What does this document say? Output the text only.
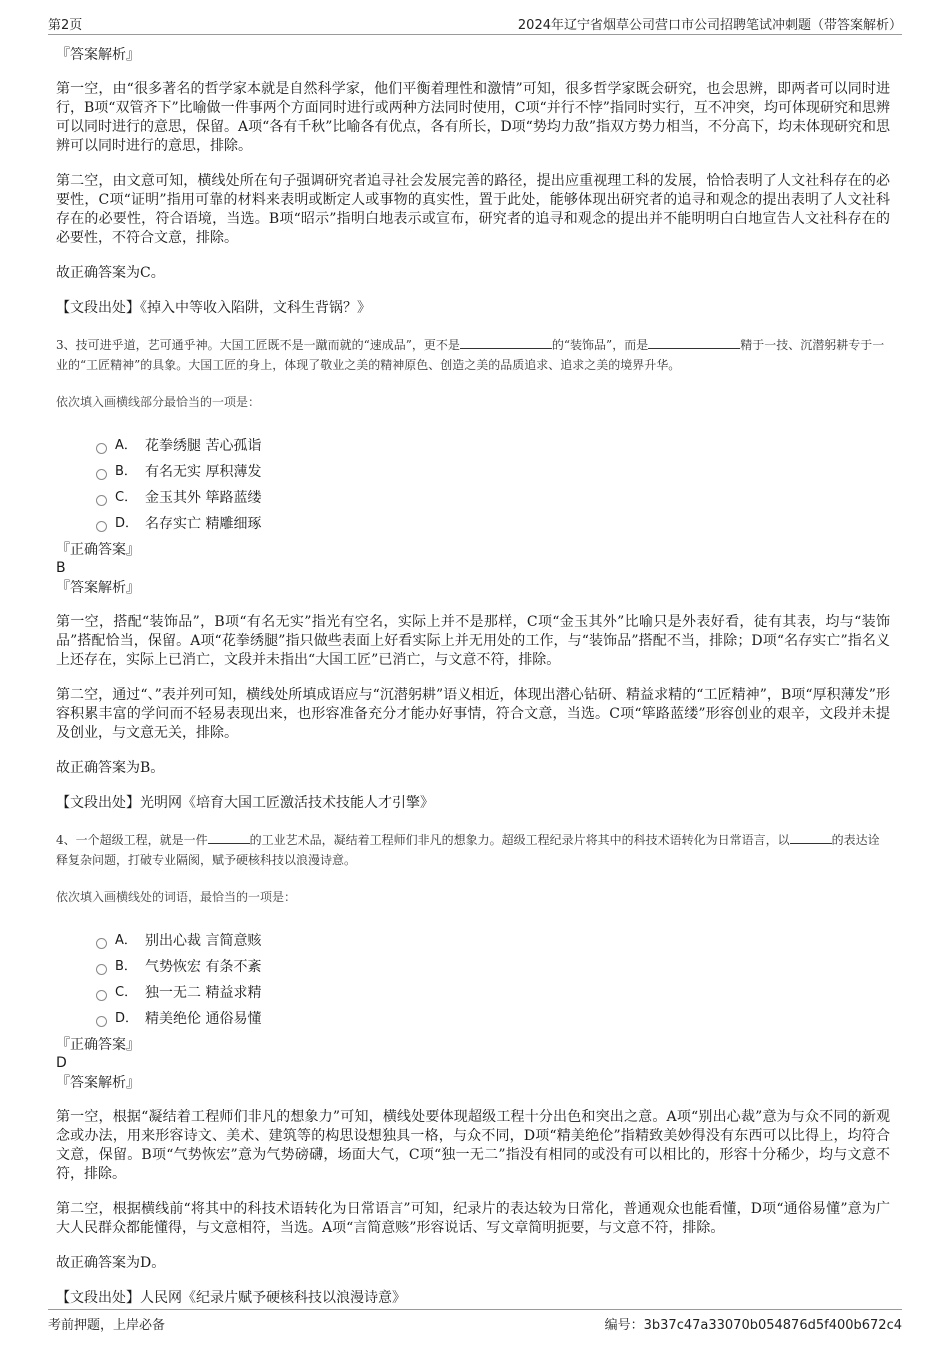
第2页	2024年辽宁省烟草公司营口市公司招聘笔试冲刺题（带答案解析）

『答案解析』

第一空，由“很多著名的哲学家本就是自然科学家，他们平衡着理性和激情”可知，很多哲学家既会研究，也会思辨，即两者可以同时进行，B项“双管齐下”比喻做一件事两个方面同时进行或两种方法同时使用，C项“并行不悖”指同时实行，互不冲突，均可体现研究和思辨可以同时进行的意思，保留。A项“各有千秋”比喻各有优点，各有所长，D项“势均力敌”指双方势力相当，不分高下，均未体现研究和思辨可以同时进行的意思，排除。

第二空，由文意可知，横线处所在句子强调研究者追寻社会发展完善的路径，提出应重视理工科的发展，恰恰表明了人文社科存在的必要性，C项“证明”指用可靠的材料来表明或断定人或事物的真实性，置于此处，能够体现出研究者的追寻和观念的提出表明了人文社科存在的必要性，符合语境，当选。B项“昭示”指明白地表示或宣布，研究者的追寻和观念的提出并不能明明白白地宣告人文社科存在的必要性，不符合文意，排除。

故正确答案为C。

【文段出处】《掉入中等收入陷阱，文科生背锅？》

3、技可进乎道，艺可通乎神。大国工匠既不是一蹴而就的“速成品”，更不是	的“装饰品”，而是	精于一技、沉潜躬耕专于一业的“工匠精神”的具象。大国工匠的身上，体现了敬业之美的精神原色、创造之美的品质追求、追求之美的境界升华。

依次填入画横线部分最恰当的一项是：

A． 花拳绣腿 苦心孤诣
B． 有名无实 厚积薄发
C． 金玉其外 筚路蓝缕
D． 名存实亡 精雕细琢

『正确答案』

B

『答案解析』

第一空，搭配“装饰品”，B项“有名无实”指光有空名，实际上并不是那样，C项“金玉其外”比喻只是外表好看，徒有其表，均与“装饰品”搭配恰当，保留。A项“花拳绣腿”指只做些表面上好看实际上并无用处的工作，与“装饰品”搭配不当，排除；D项“名存实亡”指名义上还存在，实际上已消亡，文段并未指出“大国工匠”已消亡，与文意不符，排除。

第二空，通过“、”表并列可知，横线处所填成语应与“沉潜躬耕”语义相近，体现出潜心钻研、精益求精的“工匠精神”，B项“厚积薄发”形容积累丰富的学问而不轻易表现出来，也形容准备充分才能办好事情，符合文意，当选。C项“筚路蓝缕”形容创业的艰辛，文段并未提及创业，与文意无关，排除。

故正确答案为B。

【文段出处】光明网《培育大国工匠激活技术技能人才引擎》

4、一个超级工程，就是一件	的工业艺术品，凝结着工程师们非凡的想象力。超级工程纪录片将其中的科技术语转化为日常语言，以	的表达诠释复杂问题，打破专业隔阂，赋予硬核科技以浪漫诗意。

依次填入画横线处的词语，最恰当的一项是：

A． 别出心裁 言简意赅
B． 气势恢宏 有条不紊
C． 独一无二 精益求精
D． 精美绝伦 通俗易懂

『正确答案』

D

『答案解析』

第一空，根据“凝结着工程师们非凡的想象力”可知，横线处要体现超级工程十分出色和突出之意。A项“别出心裁”意为与众不同的新观念或办法，用来形容诗文、美术、建筑等的构思设想独具一格，与众不同，D项“精美绝伦”指精致美妙得没有东西可以比得上，均符合文意，保留。B项“气势恢宏”意为气势磅礴，场面大气，C项“独一无二”指没有相同的或没有可以相比的，形容十分稀少，均与文意不符，排除。

第二空，根据横线前“将其中的科技术语转化为日常语言”可知，纪录片的表达较为日常化，普通观众也能看懂，D项“通俗易懂”意为广大人民群众都能懂得，与文意相符，当选。A项“言简意赅”形容说话、写文章简明扼要，与文意不符，排除。

故正确答案为D。

【文段出处】人民网《纪录片赋予硬核科技以浪漫诗意》

考前押题，上岸必备	编号：3b37c47a33070b054876d5f400b672c4
